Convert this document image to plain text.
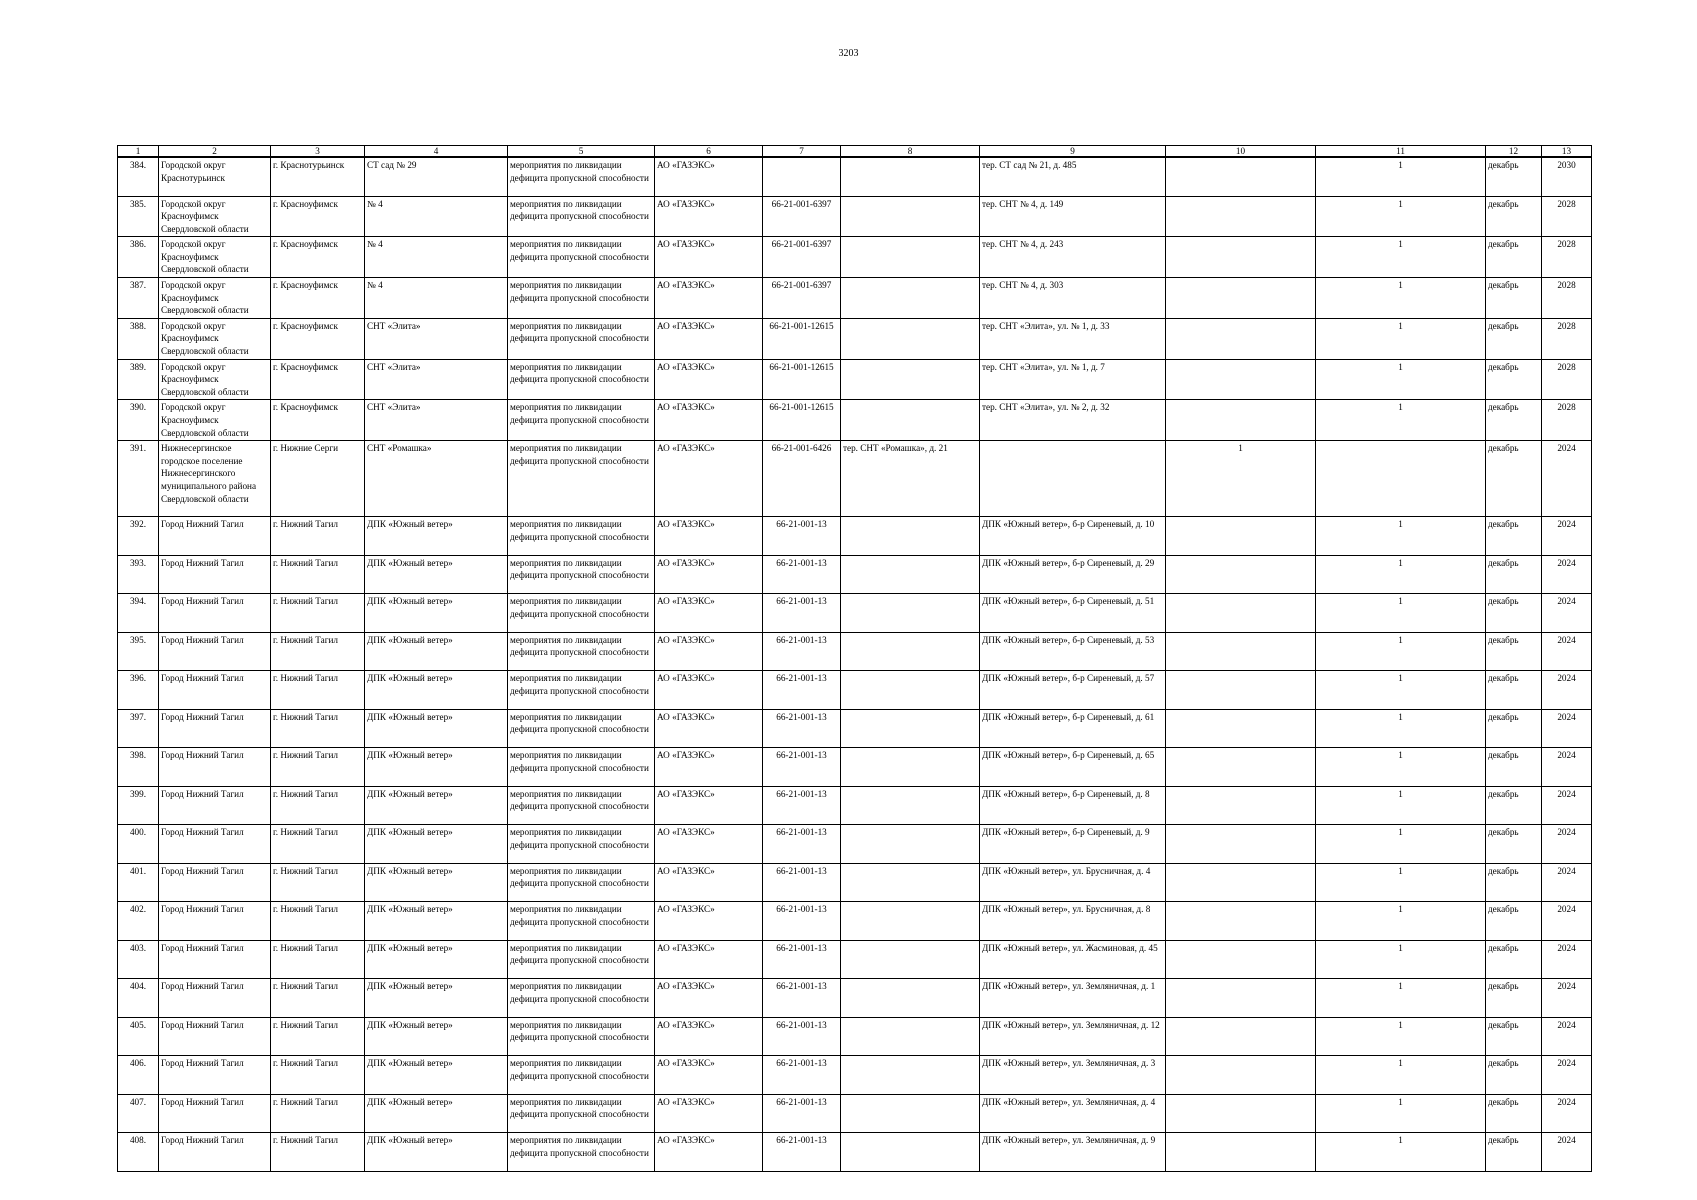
3203
1	2	3	4	5	6	7	8	9	10	11	12	13
384.	Городской округ Краснотурьинск	г. Краснотурьинск	СТ сад № 29	мероприятия по ликвидации дефицита пропускной способности	АО «ГАЗЭКС»			тер. СТ сад № 21, д. 485		1	декабрь	2030
385.	Городской округ Красноуфимск Свердловской области	г. Красноуфимск	№ 4	мероприятия по ликвидации дефицита пропускной способности	АО «ГАЗЭКС»	66-21-001-6397		тер. СНТ № 4, д. 149		1	декабрь	2028
386.	Городской округ Красноуфимск Свердловской области	г. Красноуфимск	№ 4	мероприятия по ликвидации дефицита пропускной способности	АО «ГАЗЭКС»	66-21-001-6397		тер. СНТ № 4, д. 243		1	декабрь	2028
387.	Городской округ Красноуфимск Свердловской области	г. Красноуфимск	№ 4	мероприятия по ликвидации дефицита пропускной способности	АО «ГАЗЭКС»	66-21-001-6397		тер. СНТ № 4, д. 303		1	декабрь	2028
388.	Городской округ Красноуфимск Свердловской области	г. Красноуфимск	СНТ «Элита»	мероприятия по ликвидации дефицита пропускной способности	АО «ГАЗЭКС»	66-21-001-12615		тер. СНТ «Элита», ул. № 1, д. 33		1	декабрь	2028
389.	Городской округ Красноуфимск Свердловской области	г. Красноуфимск	СНТ «Элита»	мероприятия по ликвидации дефицита пропускной способности	АО «ГАЗЭКС»	66-21-001-12615		тер. СНТ «Элита», ул. № 1, д. 7		1	декабрь	2028
390.	Городской округ Красноуфимск Свердловской области	г. Красноуфимск	СНТ «Элита»	мероприятия по ликвидации дефицита пропускной способности	АО «ГАЗЭКС»	66-21-001-12615		тер. СНТ «Элита», ул. № 2, д. 32		1	декабрь	2028
391.	Нижнесергинское городское поселение Нижнесергинского муниципального района Свердловской области	г. Нижние Серги	СНТ «Ромашка»	мероприятия по ликвидации дефицита пропускной способности	АО «ГАЗЭКС»	66-21-001-6426	тер. СНТ «Ромашка», д. 21		1		декабрь	2024
392.	Город Нижний Тагил	г. Нижний Тагил	ДПК «Южный ветер»	мероприятия по ликвидации дефицита пропускной способности	АО «ГАЗЭКС»	66-21-001-13		ДПК «Южный ветер», б-р Сиреневый, д. 10		1	декабрь	2024
393.	Город Нижний Тагил	г. Нижний Тагил	ДПК «Южный ветер»	мероприятия по ликвидации дефицита пропускной способности	АО «ГАЗЭКС»	66-21-001-13		ДПК «Южный ветер», б-р Сиреневый, д. 29		1	декабрь	2024
394.	Город Нижний Тагил	г. Нижний Тагил	ДПК «Южный ветер»	мероприятия по ликвидации дефицита пропускной способности	АО «ГАЗЭКС»	66-21-001-13		ДПК «Южный ветер», б-р Сиреневый, д. 51		1	декабрь	2024
395.	Город Нижний Тагил	г. Нижний Тагил	ДПК «Южный ветер»	мероприятия по ликвидации дефицита пропускной способности	АО «ГАЗЭКС»	66-21-001-13		ДПК «Южный ветер», б-р Сиреневый, д. 53		1	декабрь	2024
396.	Город Нижний Тагил	г. Нижний Тагил	ДПК «Южный ветер»	мероприятия по ликвидации дефицита пропускной способности	АО «ГАЗЭКС»	66-21-001-13		ДПК «Южный ветер», б-р Сиреневый, д. 57		1	декабрь	2024
397.	Город Нижний Тагил	г. Нижний Тагил	ДПК «Южный ветер»	мероприятия по ликвидации дефицита пропускной способности	АО «ГАЗЭКС»	66-21-001-13		ДПК «Южный ветер», б-р Сиреневый, д. 61		1	декабрь	2024
398.	Город Нижний Тагил	г. Нижний Тагил	ДПК «Южный ветер»	мероприятия по ликвидации дефицита пропускной способности	АО «ГАЗЭКС»	66-21-001-13		ДПК «Южный ветер», б-р Сиреневый, д. 65		1	декабрь	2024
399.	Город Нижний Тагил	г. Нижний Тагил	ДПК «Южный ветер»	мероприятия по ликвидации дефицита пропускной способности	АО «ГАЗЭКС»	66-21-001-13		ДПК «Южный ветер», б-р Сиреневый, д. 8		1	декабрь	2024
400.	Город Нижний Тагил	г. Нижний Тагил	ДПК «Южный ветер»	мероприятия по ликвидации дефицита пропускной способности	АО «ГАЗЭКС»	66-21-001-13		ДПК «Южный ветер», б-р Сиреневый, д. 9		1	декабрь	2024
401.	Город Нижний Тагил	г. Нижний Тагил	ДПК «Южный ветер»	мероприятия по ликвидации дефицита пропускной способности	АО «ГАЗЭКС»	66-21-001-13		ДПК «Южный ветер», ул. Брусничная, д. 4		1	декабрь	2024
402.	Город Нижний Тагил	г. Нижний Тагил	ДПК «Южный ветер»	мероприятия по ликвидации дефицита пропускной способности	АО «ГАЗЭКС»	66-21-001-13		ДПК «Южный ветер», ул. Брусничная, д. 8		1	декабрь	2024
403.	Город Нижний Тагил	г. Нижний Тагил	ДПК «Южный ветер»	мероприятия по ликвидации дефицита пропускной способности	АО «ГАЗЭКС»	66-21-001-13		ДПК «Южный ветер», ул. Жасминовая, д. 45		1	декабрь	2024
404.	Город Нижний Тагил	г. Нижний Тагил	ДПК «Южный ветер»	мероприятия по ликвидации дефицита пропускной способности	АО «ГАЗЭКС»	66-21-001-13		ДПК «Южный ветер», ул. Земляничная, д. 1		1	декабрь	2024
405.	Город Нижний Тагил	г. Нижний Тагил	ДПК «Южный ветер»	мероприятия по ликвидации дефицита пропускной способности	АО «ГАЗЭКС»	66-21-001-13		ДПК «Южный ветер», ул. Земляничная, д. 12		1	декабрь	2024
406.	Город Нижний Тагил	г. Нижний Тагил	ДПК «Южный ветер»	мероприятия по ликвидации дефицита пропускной способности	АО «ГАЗЭКС»	66-21-001-13		ДПК «Южный ветер», ул. Земляничная, д. 3		1	декабрь	2024
407.	Город Нижний Тагил	г. Нижний Тагил	ДПК «Южный ветер»	мероприятия по ликвидации дефицита пропускной способности	АО «ГАЗЭКС»	66-21-001-13		ДПК «Южный ветер», ул. Земляничная, д. 4		1	декабрь	2024
408.	Город Нижний Тагил	г. Нижний Тагил	ДПК «Южный ветер»	мероприятия по ликвидации дефицита пропускной способности	АО «ГАЗЭКС»	66-21-001-13		ДПК «Южный ветер», ул. Земляничная, д. 9		1	декабрь	2024
